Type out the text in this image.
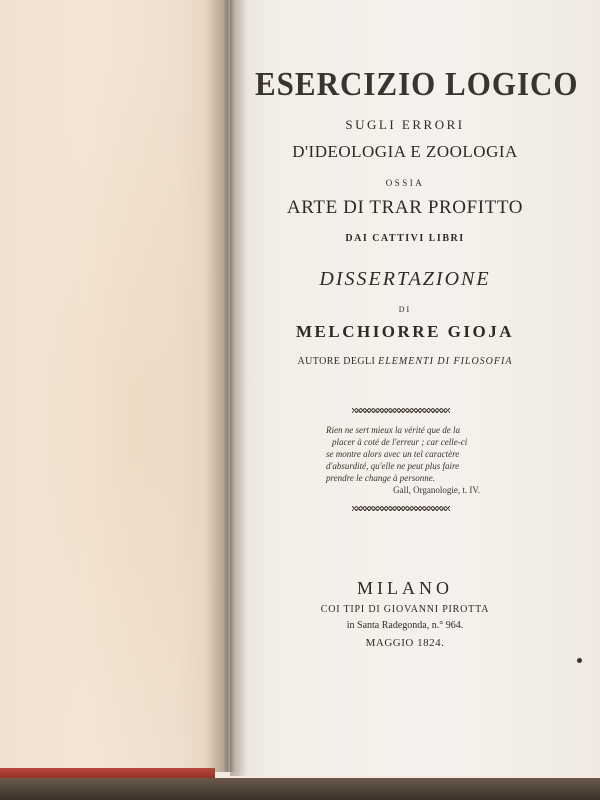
ESERCIZIO LOGICO
SUGLI ERRORI
D'IDEOLOGIA E ZOOLOGIA
OSSIA
ARTE DI TRAR PROFITTO
DAI CATTIVI LIBRI
DISSERTAZIONE
DI
MELCHIORRE GIOJA
AUTORE DEGLI ELEMENTI DI FILOSOFIA
Rien ne sert mieux la vérité que de la
placer à coté de l'erreur ; car celle-ci
se montre alors avec un tel caractère
d'absurdité, qu'elle ne peut plus faire
prendre le change à personne.
Gall, Organologie, t. IV.
MILANO
COI TIPI DI GIOVANNI PIROTTA
in Santa Radegonda, n.° 964.
MAGGIO 1824.
